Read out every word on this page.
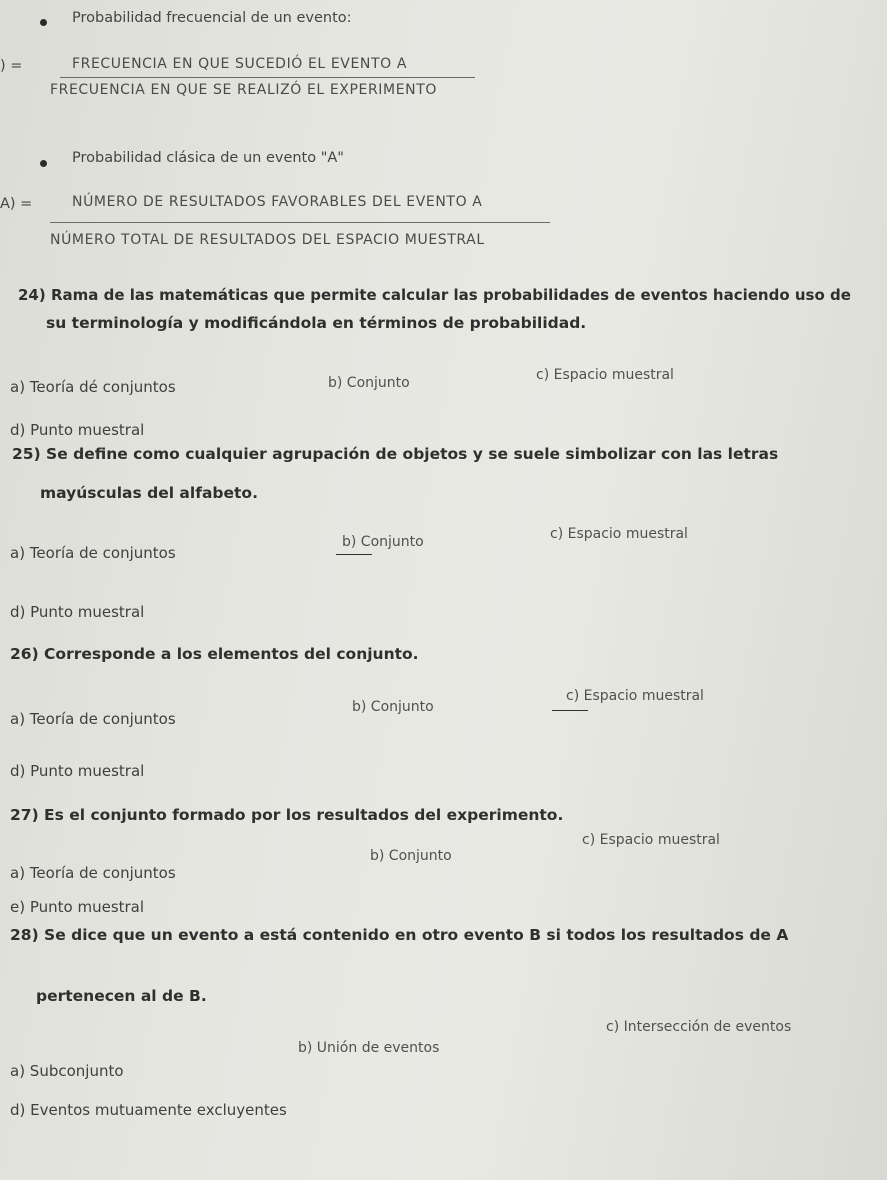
Probabilidad frecuencial de un evento:
) =	FRECUENCIA EN QUE SUCEDIÓ EL EVENTO A
FRECUENCIA EN QUE SE REALIZÓ EL EXPERIMENTO
Probabilidad clásica de un evento "A"
A) =	NÚMERO DE RESULTADOS FAVORABLES DEL EVENTO A
NÚMERO TOTAL DE RESULTADOS DEL ESPACIO MUESTRAL
24) Rama de las matemáticas que permite calcular las probabilidades de eventos haciendo uso de
su terminología y modificándola en términos de probabilidad.
a) Teoría dé conjuntos	b) Conjunto	c) Espacio muestral
d) Punto muestral
25) Se define como cualquier agrupación de objetos y se suele simbolizar con las letras
mayúsculas del alfabeto.
a) Teoría de conjuntos
b) Conjunto	c) Espacio muestral
d) Punto muestral
26) Corresponde a los elementos del conjunto.
a) Teoría de conjuntos
b) Conjunto
c) Espacio muestral
d) Punto muestral
27) Es el conjunto formado por los resultados del experimento.
a) Teoría de conjuntos
b) Conjunto
c) Espacio muestral
e) Punto muestral
28) Se dice que un evento a está contenido en otro evento B si todos los resultados de A
pertenecen al de B.
a) Subconjunto
b) Unión de eventos
c) Intersección de eventos
d) Eventos mutuamente excluyentes
